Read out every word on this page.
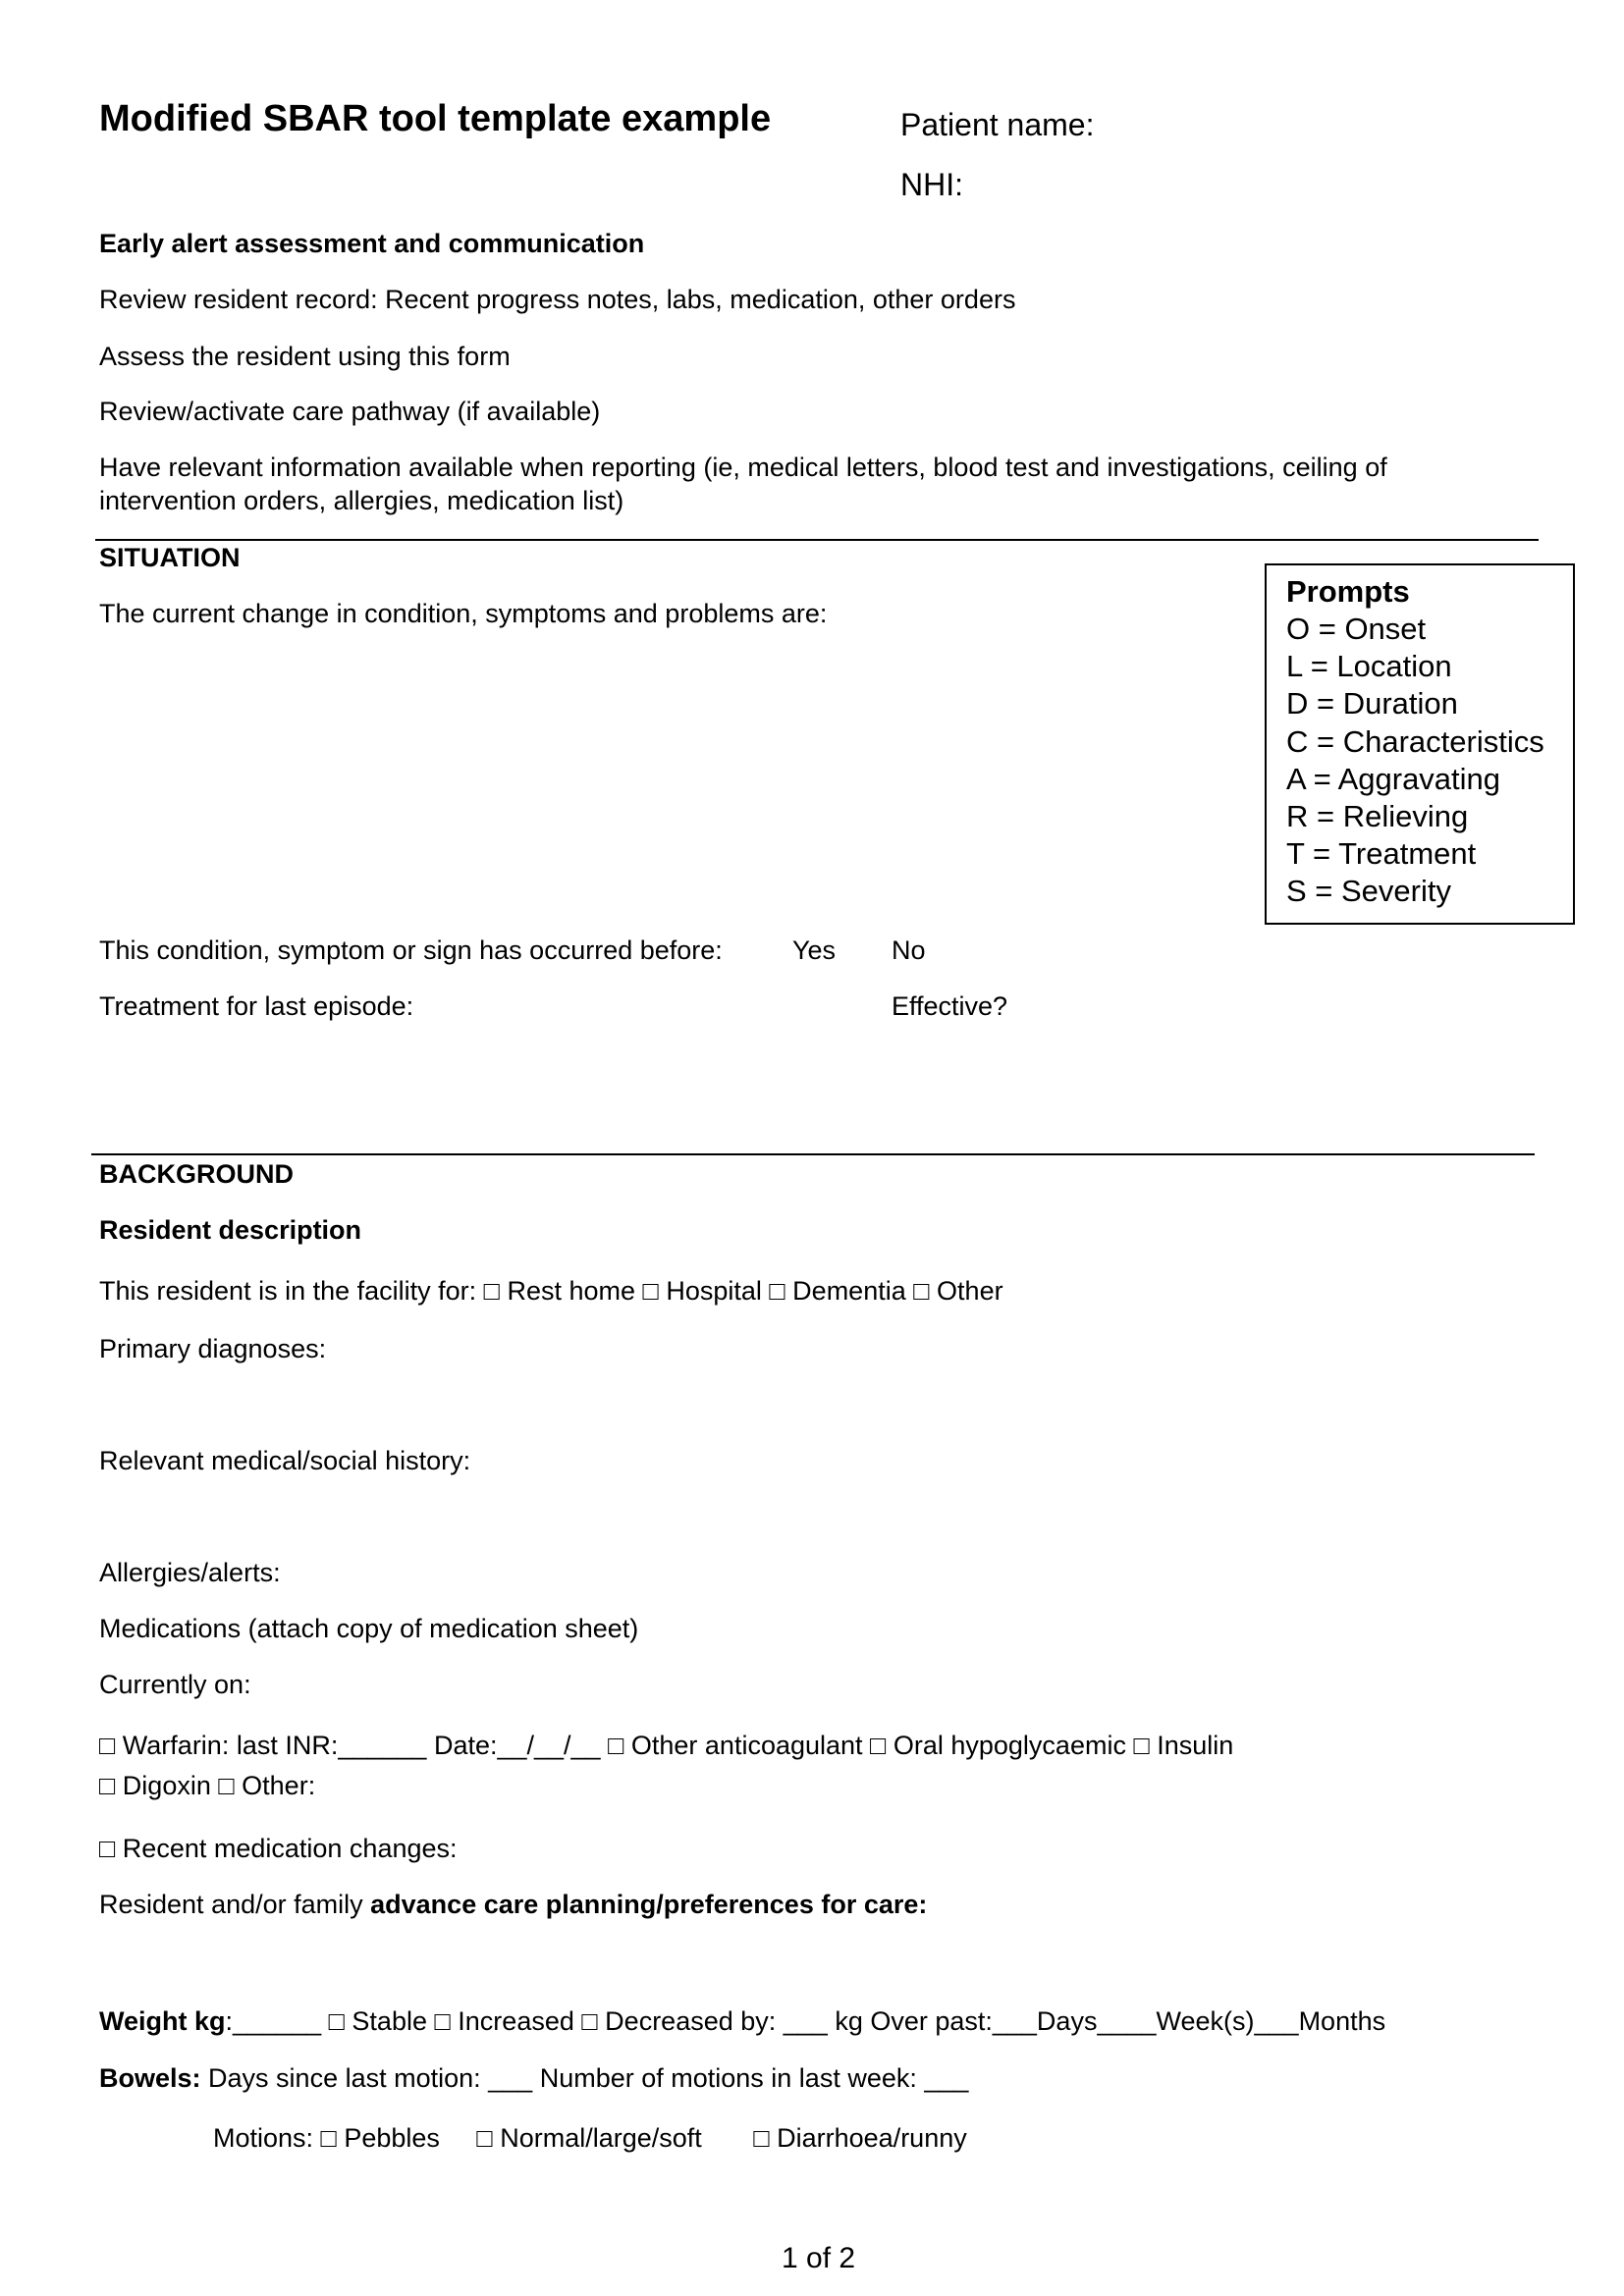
Modified SBAR tool template example	Patient name:
NHI:
Early alert assessment and communication
Review resident record: Recent progress notes, labs, medication, other orders
Assess the resident using this form
Review/activate care pathway (if available)
Have relevant information available when reporting (ie, medical letters, blood test and investigations, ceiling of
intervention orders, allergies, medication list)
SITUATION
The current change in condition, symptoms and problems are:
Prompts
O = Onset
L = Location
D = Duration
C = Characteristics
A = Aggravating
R = Relieving
T = Treatment
S = Severity
This condition, symptom or sign has occurred before:	Yes No
Treatment for last episode:	Effective?
BACKGROUND
Resident description
This resident is in the facility for: □ Rest home □ Hospital □ Dementia □ Other
Primary diagnoses:
Relevant medical/social history:
Allergies/alerts:
Medications (attach copy of medication sheet)
Currently on:
□ Warfarin: last INR:______ Date:__/__/__ □ Other anticoagulant □ Oral hypoglycaemic □ Insulin
□ Digoxin □ Other:
□ Recent medication changes:
Resident and/or family advance care planning/preferences for care:
Weight kg:______ □ Stable □ Increased □ Decreased by: ___ kg Over past:___Days____Week(s)___Months
Bowels: Days since last motion: ___ Number of motions in last week: ___
Motions: □ Pebbles     □ Normal/large/soft       □ Diarrhoea/runny
1 of 2
